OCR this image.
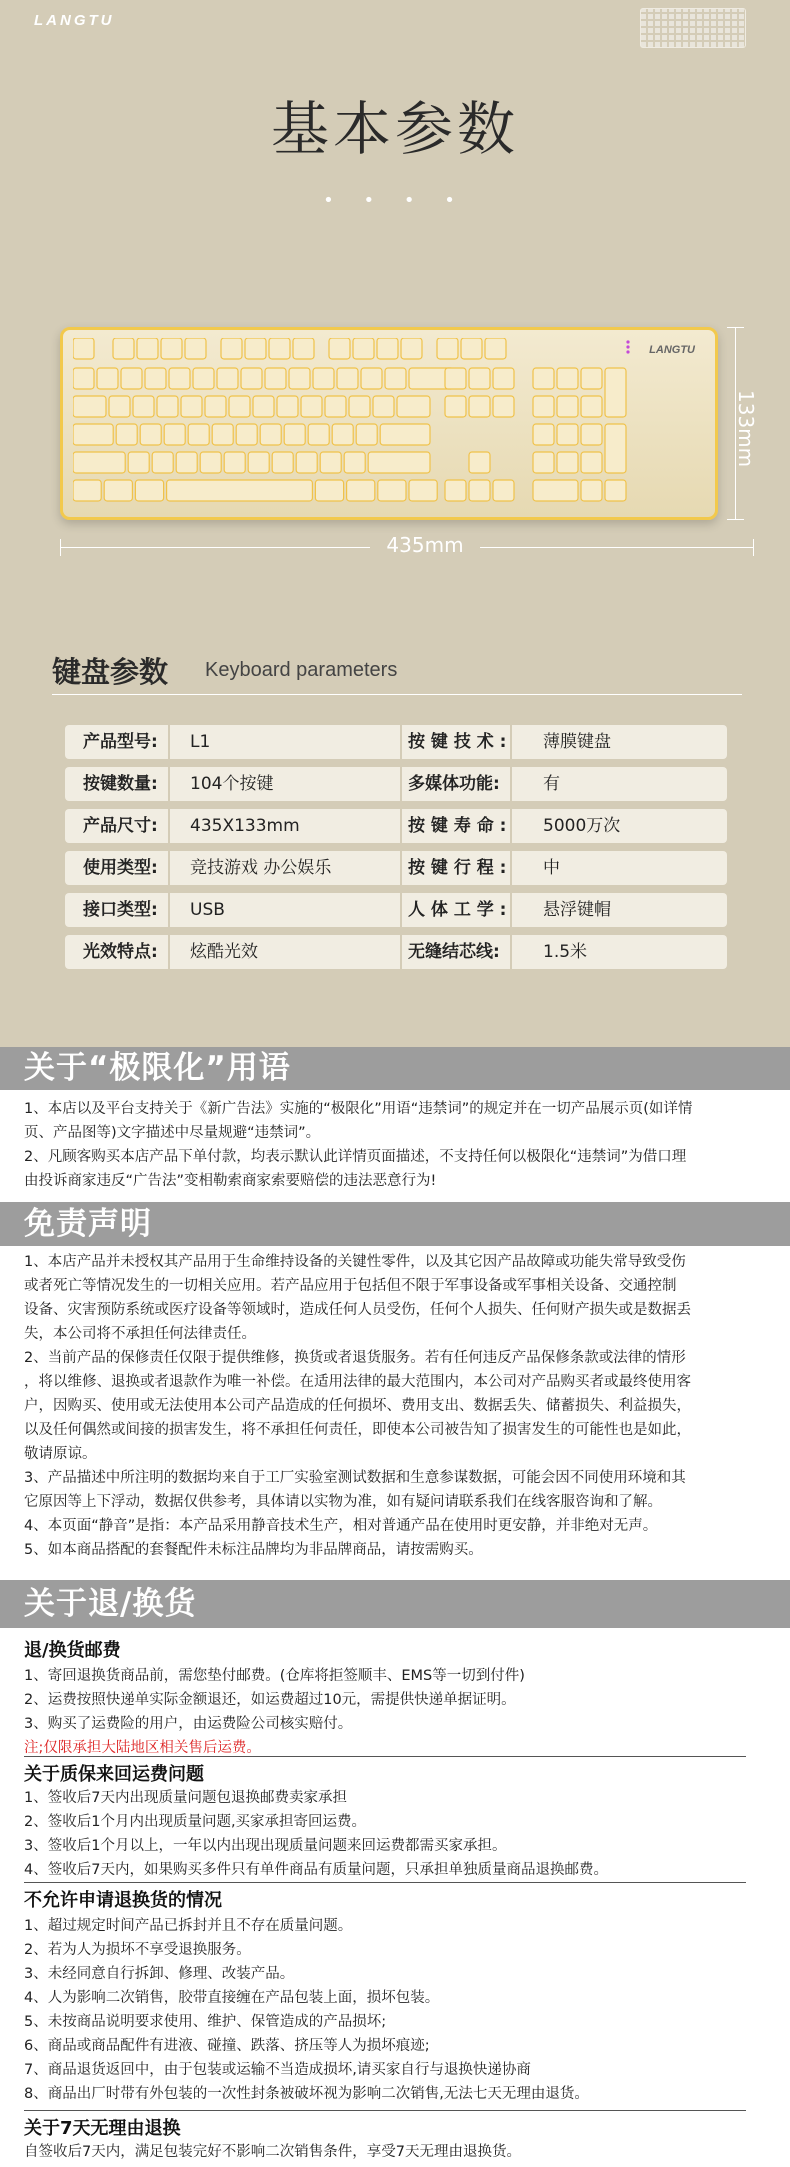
LANGTU
基本参数
• • • •
LANGTU
133mm
435mm
键盘参数 Keyboard parameters
产品型号: L1	按 键 技 术 : 薄膜键盘
按键数量: 104个按键	多媒体功能:	有
产品尺寸: 435X133mm	按 键 寿 命 : 5000万次
使用类型: 竞技游戏 办公娱乐	按 键 行 程 : 中
接口类型: USB	人 体 工 学 : 悬浮键帽
光效特点: 炫酷光效	无缝结芯线:	1.5米
关于“极限化”用语
1、本店以及平台支持关于《新广告法》实施的“极限化”用语“违禁词”的规定并在一切产品展示页(如详情
页、产品图等)文字描述中尽量规避“违禁词”。
2、凡顾客购买本店产品下单付款，均表示默认此详情页面描述，不支持任何以极限化“违禁词”为借口理
由投诉商家违反“广告法”变相勒索商家索要赔偿的违法恶意行为!
免责声明
1、本店产品并未授权其产品用于生命维持设备的关键性零件，以及其它因产品故障或功能失常导致受伤
或者死亡等情况发生的一切相关应用。若产品应用于包括但不限于军事设备或军事相关设备、交通控制
设备、灾害预防系统或医疗设备等领域时，造成任何人员受伤，任何个人损失、任何财产损失或是数据丢
失，本公司将不承担任何法律责任。
2、当前产品的保修责任仅限于提供维修，换货或者退货服务。若有任何违反产品保修条款或法律的情形
，将以维修、退换或者退款作为唯一补偿。在适用法律的最大范围内，本公司对产品购买者或最终使用客
户，因购买、使用或无法使用本公司产品造成的任何损坏、费用支出、数据丢失、储蓄损失、利益损失，
以及任何偶然或间接的损害发生，将不承担任何责任，即使本公司被告知了损害发生的可能性也是如此，
敬请原谅。
3、产品描述中所注明的数据均来自于工厂实验室测试数据和生意参谋数据，可能会因不同使用环境和其
它原因等上下浮动，数据仅供参考，具体请以实物为准，如有疑问请联系我们在线客服咨询和了解。
4、本页面“静音”是指：本产品采用静音技术生产，相对普通产品在使用时更安静，并非绝对无声。
5、如本商品搭配的套餐配件未标注品牌均为非品牌商品，请按需购买。
关于退/换货
退/换货邮费
1、寄回退换货商品前，需您垫付邮费。(仓库将拒签顺丰、EMS等一切到付件)
2、运费按照快递单实际金额退还，如运费超过10元，需提供快递单据证明。
3、购买了运费险的用户，由运费险公司核实赔付。
注;仅限承担大陆地区相关售后运费。
关于质保来回运费问题
1、签收后7天内出现质量问题包退换邮费卖家承担
2、签收后1个月内出现质量问题,买家承担寄回运费。
3、签收后1个月以上，一年以内出现出现质量问题来回运费都需买家承担。
4、签收后7天内，如果购买多件只有单件商品有质量问题，只承担单独质量商品退换邮费。
不允许申请退换货的情况
1、超过规定时间产品已拆封并且不存在质量问题。
2、若为人为损坏不享受退换服务。
3、未经同意自行拆卸、修理、改装产品。
4、人为影响二次销售，胶带直接缠在产品包装上面，损坏包装。
5、未按商品说明要求使用、维护、保管造成的产品损坏;
6、商品或商品配件有进液、碰撞、跌落、挤压等人为损坏痕迹;
7、商品退货返回中，由于包装或运输不当造成损坏,请买家自行与退换快递协商
8、商品出厂时带有外包装的一次性封条被破坏视为影响二次销售,无法七天无理由退货。
关于7天无理由退换
自签收后7天内，满足包装完好不影响二次销售条件，享受7天无理由退换货。
